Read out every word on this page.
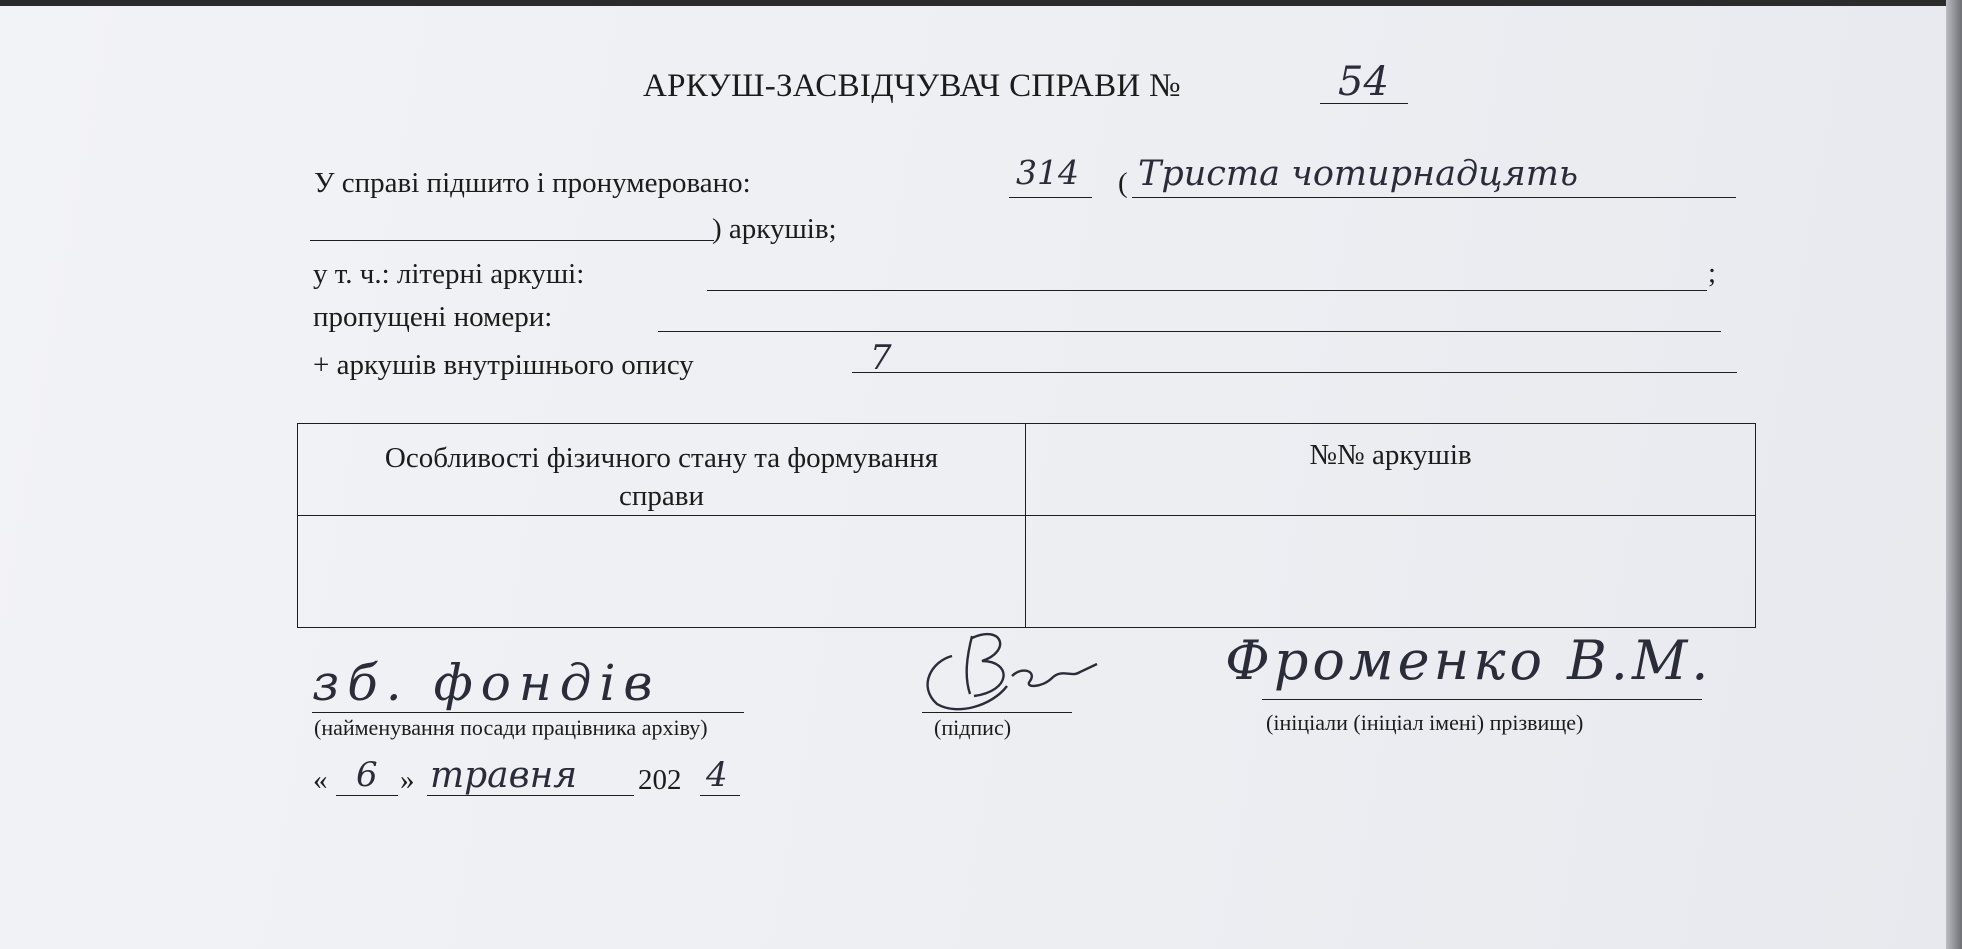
АРКУШ-ЗАСВІДЧУВАЧ СПРАВИ №	54
У справі підшито і пронумеровано:	314 ( Триста чотирнадцять
) аркушів;
у т. ч.: літерні аркуші:	;
пропущені номери:
+ аркушів внутрішнього опису	7
Особливості фізичного стану та формування справи	№№ аркушів

зб. фондів
(найменування посади працівника архіву)	(підпис)
Фроменко В.М.
(ініціали (ініціал імені) прізвище)
« 6 » травня 202 4
